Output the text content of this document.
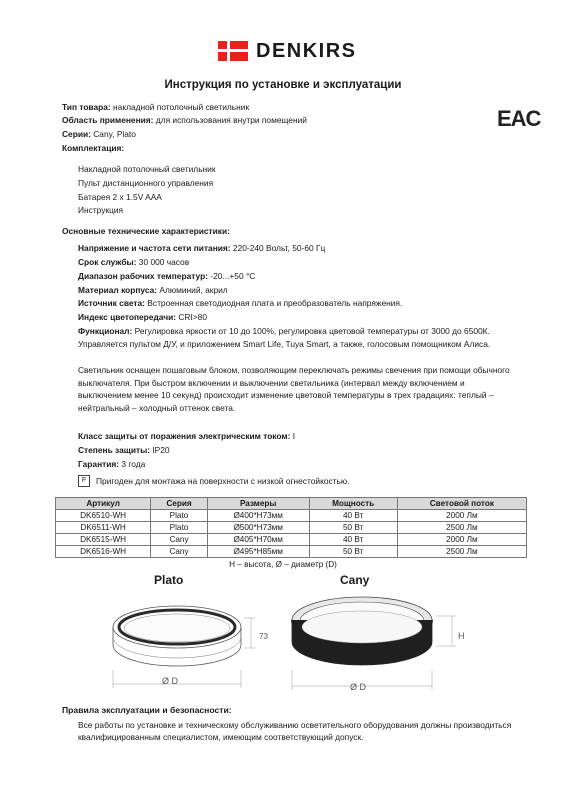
DENKIRS
Инструкция по установке и эксплуатации
EAC
Тип товара: накладной потолочный светильник
Область применения: для использования внутри помещений
Серии: Cany, Plato
Комплектация:
Накладной потолочный светильник
Пульт дистанционного управления
Батарея 2 х 1.5V AAA
Инструкция
Основные технические характеристики:
Напряжение и частота сети питания: 220-240 Вольт, 50-60 Гц
Срок службы: 30 000 часов
Диапазон рабочих температур: -20...+50 °C
Материал корпуса: Алюминий, акрил
Источник света: Встроенная светодиодная плата и преобразователь напряжения.
Индекс цветопередачи: CRI>80
Функционал: Регулировка яркости от 10 до 100%, регулировка цветовой температуры от 3000 до 6500К.
Управляется пультом Д/У, и приложением Smart Life, Tuya Smart, а также, голосовым помощником Алиса.
Светильник оснащен пошаговым блоком, позволяющим переключать режимы свечения при помощи обычного
выключателя. При быстром включении и выключении светильника (интервал между включением и
выключением менее 10 секунд) происходит изменение цветовой температуры в трех градациях: теплый –
нейтральный – холодный оттенок света.
Класс защиты от поражения электрическим током: I
Степень защиты: IP20
Гарантия: 3 года
F	Пригоден для монтажа на поверхности с низкой огнестойкостью.
Артикул	Серия	Размеры	Мощность	Световой поток
DK6510-WH	Plato	Ø400*H73мм	40 Вт	2000 Лм
DK6511-WH	Plato	Ø500*H73мм	50 Вт	2500 Лм
DK6515-WH	Cany	Ø405*H70мм	40 Вт	2000 Лм
DK6516-WH	Cany	Ø495*H85мм	50 Вт	2500 Лм
H – высота, Ø – диаметр (D)
Plato	Cany
73
Ø D
H
Ø D
Правила эксплуатации и безопасности:
Все работы по установке и техническому обслуживанию осветительного оборудования должны производиться квалифицированным специалистом, имеющим соответствующий допуск.
